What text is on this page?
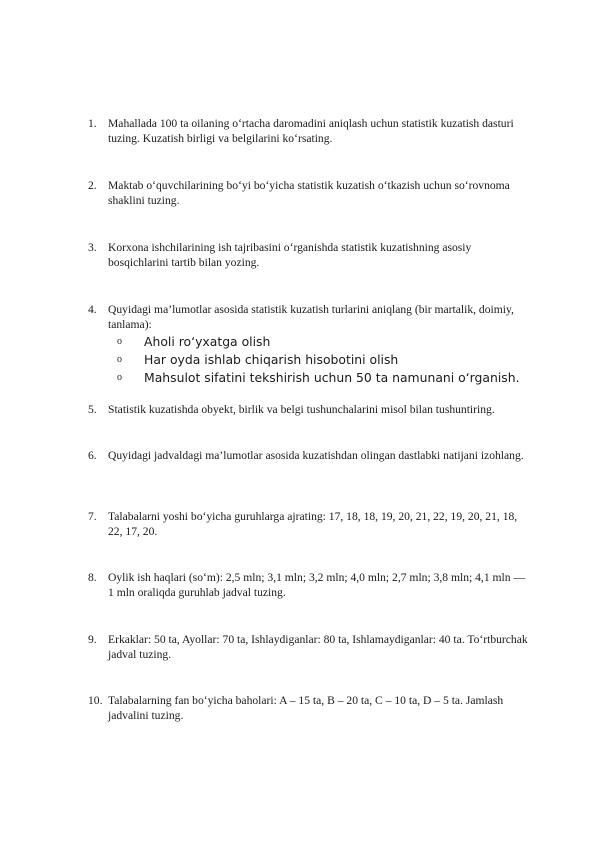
1. Mahallada 100 ta oilaning o‘rtacha daromadini aniqlash uchun statistik kuzatish dasturi tuzing. Kuzatish birligi va belgilarini ko‘rsating.
2. Maktab o‘quvchilarining bo‘yi bo‘yicha statistik kuzatish o‘tkazish uchun so‘rovnoma shaklini tuzing.
3. Korxona ishchilarining ish tajribasini o‘rganishda statistik kuzatishning asosiy bosqichlarini tartib bilan yozing.
4. Quyidagi ma’lumotlar asosida statistik kuzatish turlarini aniqlang (bir martalik, doimiy, tanlama):
o Aholi ro‘yxatga olish
o Har oyda ishlab chiqarish hisobotini olish
o Mahsulot sifatini tekshirish uchun 50 ta namunani o‘rganish.
5. Statistik kuzatishda obyekt, birlik va belgi tushunchalarini misol bilan tushuntiring.
6. Quyidagi jadvaldagi ma’lumotlar asosida kuzatishdan olingan dastlabki natijani izohlang.
7. Talabalarni yoshi bo‘yicha guruhlarga ajrating: 17, 18, 18, 19, 20, 21, 22, 19, 20, 21, 18, 22, 17, 20.
8. Oylik ish haqlari (so‘m): 2,5 mln; 3,1 mln; 3,2 mln; 4,0 mln; 2,7 mln; 3,8 mln; 4,1 mln — 1 mln oraliqda guruhlab jadval tuzing.
9. Erkaklar: 50 ta, Ayollar: 70 ta, Ishlaydiganlar: 80 ta, Ishlamaydiganlar: 40 ta. To‘rtburchak jadval tuzing.
10. Talabalarning fan bo‘yicha baholari: A – 15 ta, B – 20 ta, C – 10 ta, D – 5 ta. Jamlash jadvalini tuzing.
